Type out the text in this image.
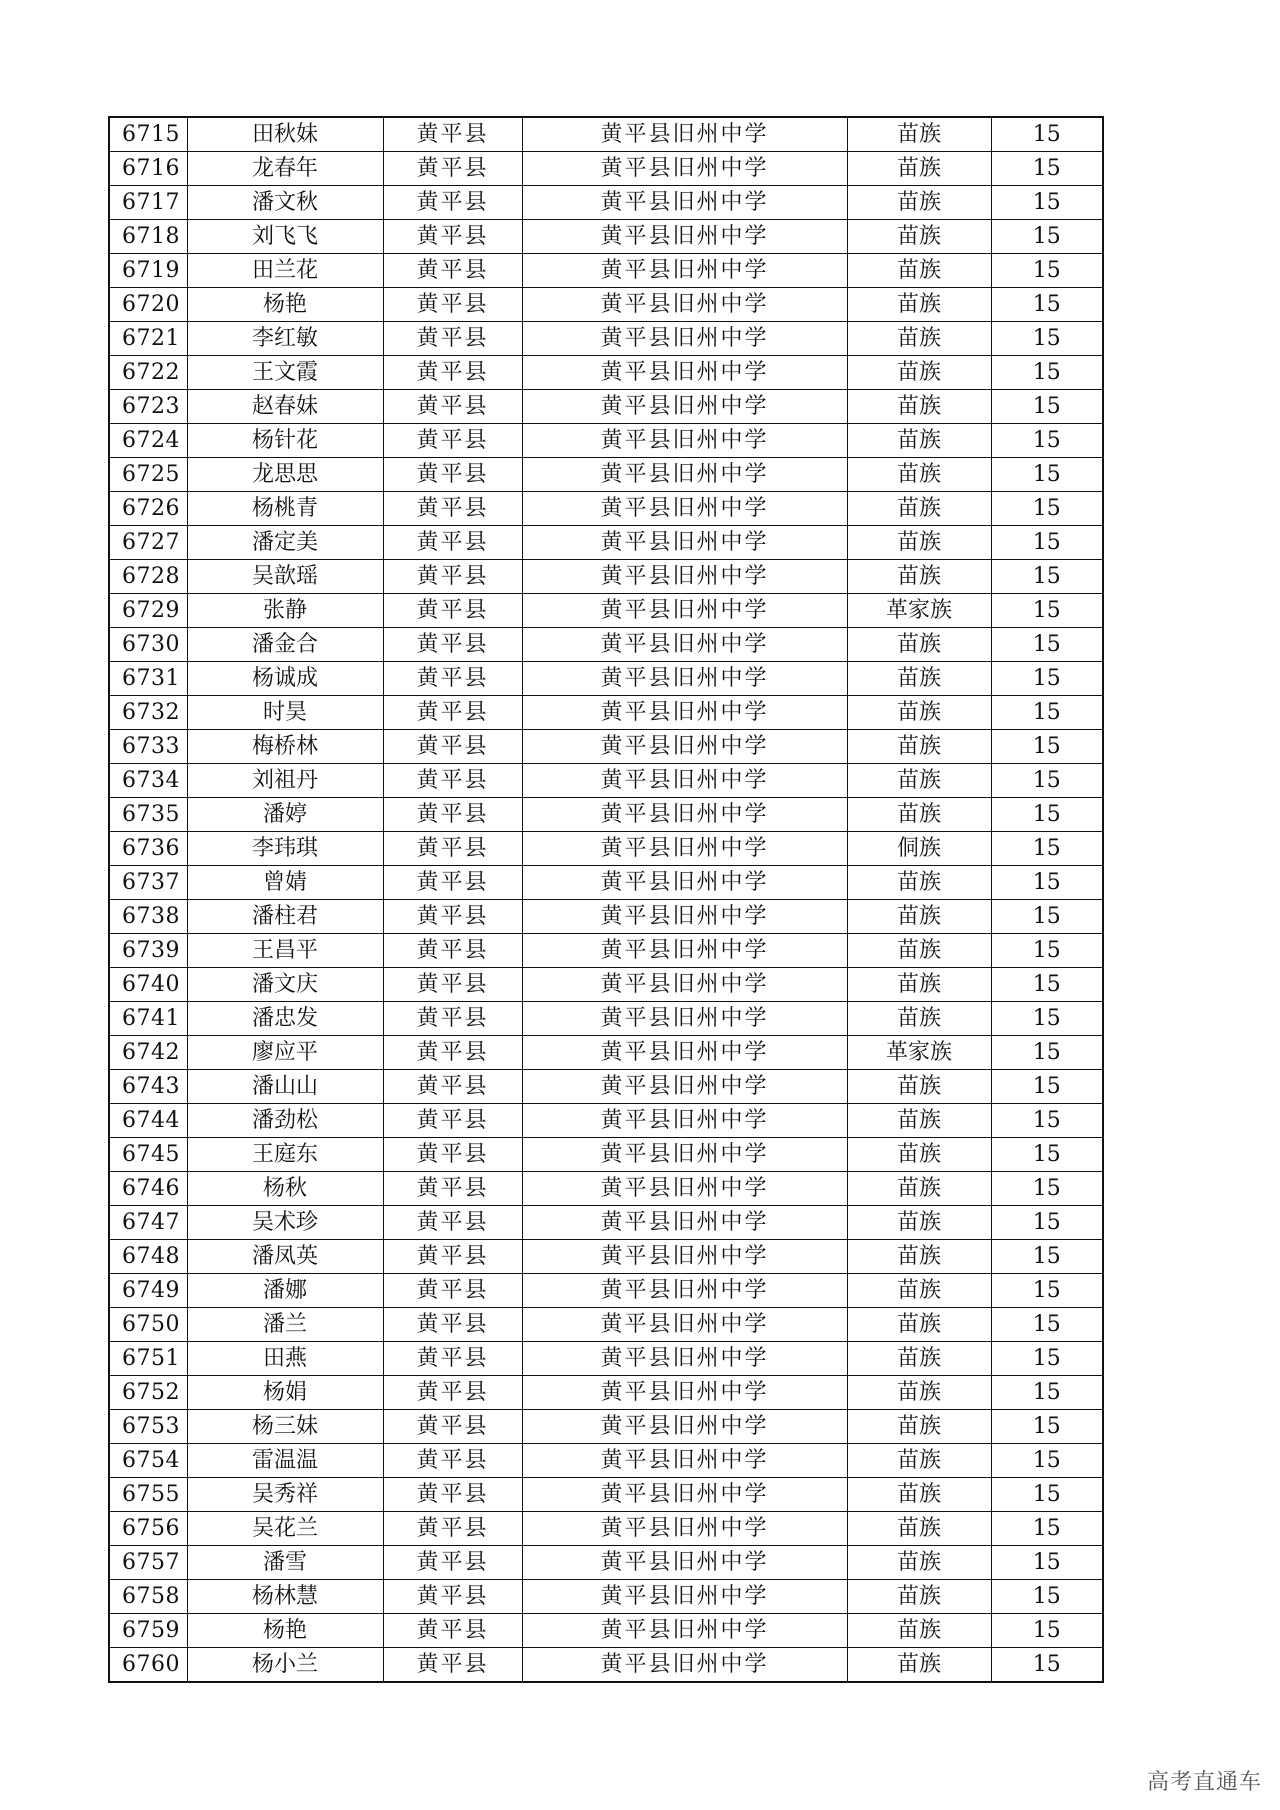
6715	田秋妹	黄平县	黄平县旧州中学	苗族	15
6716	龙春年	黄平县	黄平县旧州中学	苗族	15
6717	潘文秋	黄平县	黄平县旧州中学	苗族	15
6718	刘飞飞	黄平县	黄平县旧州中学	苗族	15
6719	田兰花	黄平县	黄平县旧州中学	苗族	15
6720	杨艳	黄平县	黄平县旧州中学	苗族	15
6721	李红敏	黄平县	黄平县旧州中学	苗族	15
6722	王文霞	黄平县	黄平县旧州中学	苗族	15
6723	赵春妹	黄平县	黄平县旧州中学	苗族	15
6724	杨针花	黄平县	黄平县旧州中学	苗族	15
6725	龙思思	黄平县	黄平县旧州中学	苗族	15
6726	杨桃青	黄平县	黄平县旧州中学	苗族	15
6727	潘定美	黄平县	黄平县旧州中学	苗族	15
6728	吴歆瑶	黄平县	黄平县旧州中学	苗族	15
6729	张静	黄平县	黄平县旧州中学	革家族	15
6730	潘金合	黄平县	黄平县旧州中学	苗族	15
6731	杨诚成	黄平县	黄平县旧州中学	苗族	15
6732	时昊	黄平县	黄平县旧州中学	苗族	15
6733	梅桥林	黄平县	黄平县旧州中学	苗族	15
6734	刘祖丹	黄平县	黄平县旧州中学	苗族	15
6735	潘婷	黄平县	黄平县旧州中学	苗族	15
6736	李玮琪	黄平县	黄平县旧州中学	侗族	15
6737	曾婧	黄平县	黄平县旧州中学	苗族	15
6738	潘柱君	黄平县	黄平县旧州中学	苗族	15
6739	王昌平	黄平县	黄平县旧州中学	苗族	15
6740	潘文庆	黄平县	黄平县旧州中学	苗族	15
6741	潘忠发	黄平县	黄平县旧州中学	苗族	15
6742	廖应平	黄平县	黄平县旧州中学	革家族	15
6743	潘山山	黄平县	黄平县旧州中学	苗族	15
6744	潘劲松	黄平县	黄平县旧州中学	苗族	15
6745	王庭东	黄平县	黄平县旧州中学	苗族	15
6746	杨秋	黄平县	黄平县旧州中学	苗族	15
6747	吴术珍	黄平县	黄平县旧州中学	苗族	15
6748	潘凤英	黄平县	黄平县旧州中学	苗族	15
6749	潘娜	黄平县	黄平县旧州中学	苗族	15
6750	潘兰	黄平县	黄平县旧州中学	苗族	15
6751	田燕	黄平县	黄平县旧州中学	苗族	15
6752	杨娟	黄平县	黄平县旧州中学	苗族	15
6753	杨三妹	黄平县	黄平县旧州中学	苗族	15
6754	雷温温	黄平县	黄平县旧州中学	苗族	15
6755	吴秀祥	黄平县	黄平县旧州中学	苗族	15
6756	吴花兰	黄平县	黄平县旧州中学	苗族	15
6757	潘雪	黄平县	黄平县旧州中学	苗族	15
6758	杨林慧	黄平县	黄平县旧州中学	苗族	15
6759	杨艳	黄平县	黄平县旧州中学	苗族	15
6760	杨小兰	黄平县	黄平县旧州中学	苗族	15
高考直通车
